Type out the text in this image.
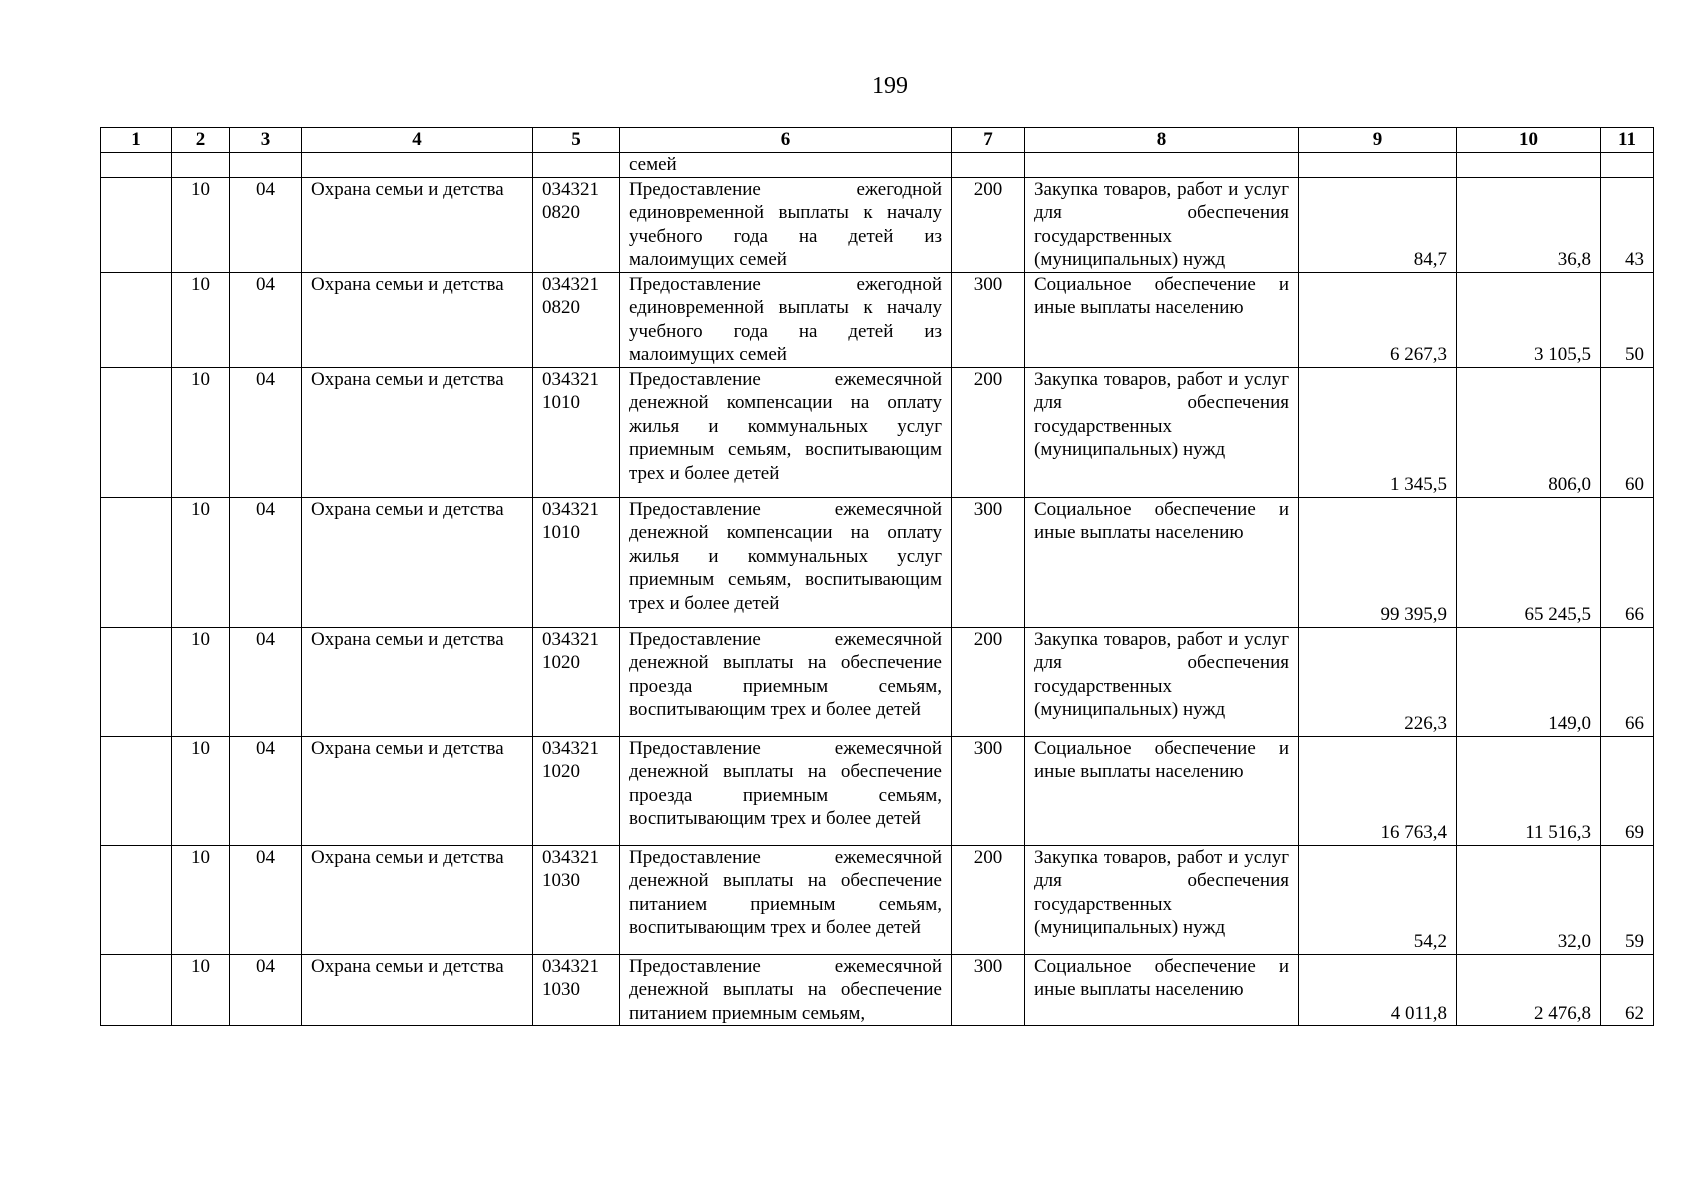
199
1	2	3	4	5	6	7	8	9	10	11
					семей					
	10	04	Охрана семьи и детства	034321 0820	Предоставление ежегодной единовременной выплаты к началу учебного года на детей из малоимущих семей	200	Закупка товаров, работ и услуг для обеспечения государственных (муниципальных) нужд	84,7	36,8	43
	10	04	Охрана семьи и детства	034321 0820	Предоставление ежегодной единовременной выплаты к началу учебного года на детей из малоимущих семей	300	Социальное обеспечение и иные выплаты населению	6 267,3	3 105,5	50
	10	04	Охрана семьи и детства	034321 1010	Предоставление ежемесячной денежной компенсации на оплату жилья и коммунальных услуг приемным семьям, воспитывающим трех и более детей	200	Закупка товаров, работ и услуг для обеспечения государственных (муниципальных) нужд	1 345,5	806,0	60
	10	04	Охрана семьи и детства	034321 1010	Предоставление ежемесячной денежной компенсации на оплату жилья и коммунальных услуг приемным семьям, воспитывающим трех и более детей	300	Социальное обеспечение и иные выплаты населению	99 395,9	65 245,5	66
	10	04	Охрана семьи и детства	034321 1020	Предоставление ежемесячной денежной выплаты на обеспечение проезда приемным семьям, воспитывающим трех и более детей	200	Закупка товаров, работ и услуг для обеспечения государственных (муниципальных) нужд	226,3	149,0	66
	10	04	Охрана семьи и детства	034321 1020	Предоставление ежемесячной денежной выплаты на обеспечение проезда приемным семьям, воспитывающим трех и более детей	300	Социальное обеспечение и иные выплаты населению	16 763,4	11 516,3	69
	10	04	Охрана семьи и детства	034321 1030	Предоставление ежемесячной денежной выплаты на обеспечение питанием приемным семьям, воспитывающим трех и более детей	200	Закупка товаров, работ и услуг для обеспечения государственных (муниципальных) нужд	54,2	32,0	59
	10	04	Охрана семьи и детства	034321 1030	Предоставление ежемесячной денежной выплаты на обеспечение питанием приемным семьям,	300	Социальное обеспечение и иные выплаты населению	4 011,8	2 476,8	62
